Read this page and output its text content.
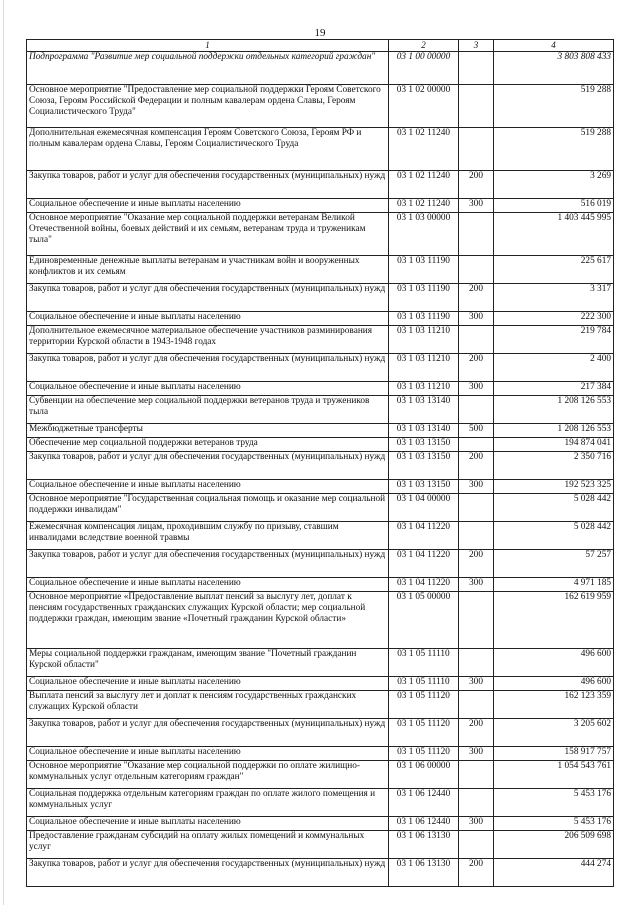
19
1	2	3	4
Подпрограмма "Развитие мер социальной поддержки отдельных категорий граждан"	03 1 00 00000		3 803 808 433
Основное мероприятие "Предоставление мер социальной поддержки Героям Советского Союза, Героям Российской Федерации и полным кавалерам ордена Славы, Героям Социалистического Труда"	03 1 02 00000		519 288
Дополнительная ежемесячная компенсация Героям Советского Союза, Героям РФ и полным кавалерам ордена Славы, Героям Социалистического Труда	03 1 02 11240		519 288
Закупка товаров, работ и услуг для обеспечения государственных (муниципальных) нужд	03 1 02 11240	200	3 269
Социальное обеспечение и иные выплаты населению	03 1 02 11240	300	516 019
Основное мероприятие "Оказание мер социальной поддержки ветеранам Великой Отечественной войны, боевых действий и их семьям, ветеранам труда и труженикам тыла"	03 1 03 00000		1 403 445 995
Единовременные денежные выплаты ветеранам и участникам войн и вооруженных конфликтов и их семьям	03 1 03 11190		225 617
Закупка товаров, работ и услуг для обеспечения государственных (муниципальных) нужд	03 1 03 11190	200	3 317
Социальное обеспечение и иные выплаты населению	03 1 03 11190	300	222 300
Дополнительное ежемесячное материальное обеспечение участников разминирования территории Курской области в 1943-1948 годах	03 1 03 11210		219 784
Закупка товаров, работ и услуг для обеспечения государственных (муниципальных) нужд	03 1 03 11210	200	2 400
Социальное обеспечение и иные выплаты населению	03 1 03 11210	300	217 384
Субвенции на обеспечение мер социальной поддержки ветеранов труда и тружеников тыла	03 1 03 13140		1 208 126 553
Межбюджетные трансферты	03 1 03 13140	500	1 208 126 553
Обеспечение мер социальной поддержки ветеранов труда	03 1 03 13150		194 874 041
Закупка товаров, работ и услуг для обеспечения государственных (муниципальных) нужд	03 1 03 13150	200	2 350 716
Социальное обеспечение и иные выплаты населению	03 1 03 13150	300	192 523 325
Основное мероприятие "Государственная социальная помощь и оказание мер социальной поддержки инвалидам"	03 1 04 00000		5 028 442
Ежемесячная компенсация лицам, проходившим службу по призыву, ставшим инвалидами вследствие военной травмы	03 1 04 11220		5 028 442
Закупка товаров, работ и услуг для обеспечения государственных (муниципальных) нужд	03 1 04 11220	200	57 257
Социальное обеспечение и иные выплаты населению	03 1 04 11220	300	4 971 185
Основное мероприятие «Предоставление выплат пенсий за выслугу лет, доплат к пенсиям государственных гражданских служащих Курской области; мер социальной поддержки граждан, имеющим звание «Почетный гражданин Курской области»	03 1 05 00000		162 619 959
Меры социальной поддержки гражданам, имеющим звание "Почетный гражданин Курской области"	03 1 05 11110		496 600
Социальное обеспечение и иные выплаты населению	03 1 05 11110	300	496 600
Выплата пенсий за выслугу лет и доплат к пенсиям государственных гражданских служащих Курской области	03 1 05 11120		162 123 359
Закупка товаров, работ и услуг для обеспечения государственных (муниципальных) нужд	03 1 05 11120	200	3 205 602
Социальное обеспечение и иные выплаты населению	03 1 05 11120	300	158 917 757
Основное мероприятие "Оказание мер социальной поддержки по оплате жилищно-коммунальных услуг отдельным категориям граждан"	03 1 06 00000		1 054 543 761
Социальная поддержка отдельным категориям граждан по оплате жилого помещения и коммунальных услуг	03 1 06 12440		5 453 176
Социальное обеспечение и иные выплаты населению	03 1 06 12440	300	5 453 176
Предоставление гражданам субсидий на оплату жилых помещений и коммунальных услуг	03 1 06 13130		206 509 698
Закупка товаров, работ и услуг для обеспечения государственных (муниципальных) нужд	03 1 06 13130	200	444 274
